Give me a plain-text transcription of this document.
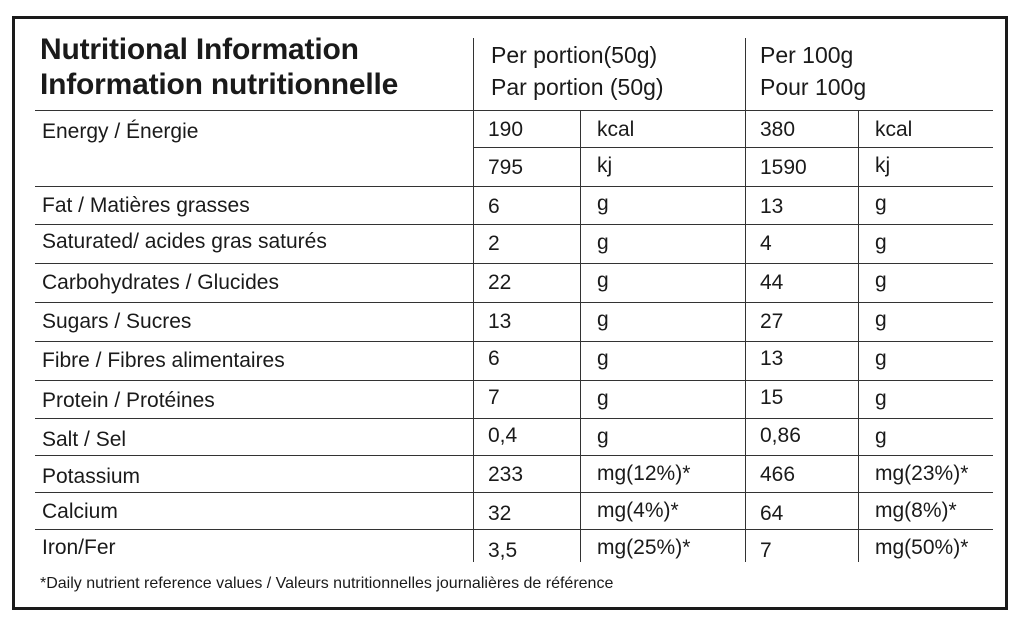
Nutritional Information
Information nutritionnelle
Per portion(50g)
Par portion (50g)
Per 100g
Pour 100g
Energy / Énergie	190	kcal	380	kcal
795	kj	1590	kj
Fat / Matières grasses	6	g	13	g
Saturated/ acides gras saturés	2	g	4	g
Carbohydrates / Glucides	22	g	44	g
Sugars / Sucres	13	g	27	g
Fibre / Fibres alimentaires	6	g	13	g
Protein / Protéines	7	g	15	g
Salt / Sel	0,4	g	0,86	g
Potassium	233	mg(12%)*	466	mg(23%)*
Calcium	32	mg(4%)*	64	mg(8%)*
Iron/Fer	3,5	mg(25%)*	7	mg(50%)*
*Daily nutrient reference values / Valeurs nutritionnelles journalières de référence
